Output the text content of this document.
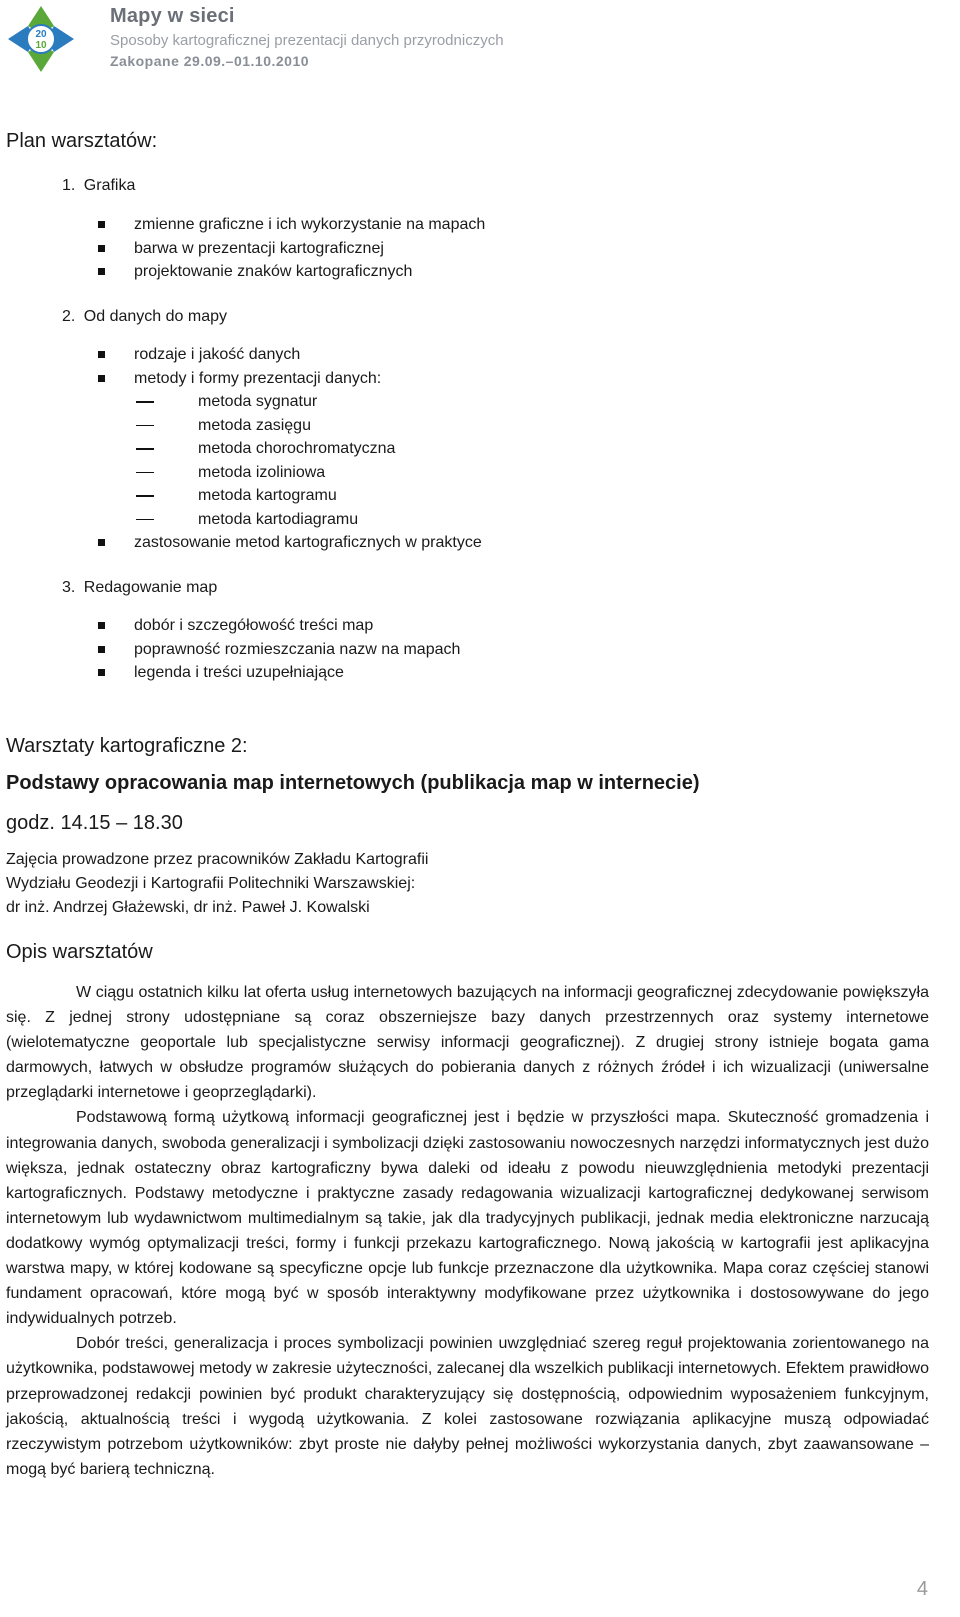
20
10
Mapy w sieci
Sposoby kartograficznej prezentacji danych przyrodniczych
Zakopane 29.09.–01.10.2010
Plan warsztatów:
1. Grafika
zmienne graficzne i ich wykorzystanie na mapach
barwa w prezentacji kartograficznej
projektowanie znaków kartograficznych
2. Od danych do mapy
rodzaje i jakość danych
metody i formy prezentacji danych:
metoda sygnatur
metoda zasięgu
metoda chorochromatyczna
metoda izoliniowa
metoda kartogramu
metoda kartodiagramu
zastosowanie metod kartograficznych w praktyce
3. Redagowanie map
dobór i szczegółowość treści map
poprawność rozmieszczania nazw na mapach
legenda i treści uzupełniające
Warsztaty kartograficzne 2:
Podstawy opracowania map internetowych (publikacja map w internecie)
godz. 14.15 – 18.30
Zajęcia prowadzone przez pracowników Zakładu Kartografii
Wydziału Geodezji i Kartografii Politechniki Warszawskiej:
dr inż. Andrzej Głażewski, dr inż. Paweł J. Kowalski
Opis warsztatów

W ciągu ostatnich kilku lat oferta usług internetowych bazujących na informacji geograficznej zdecydowanie powiększyła się. Z jednej strony udostępniane są coraz obszerniejsze bazy danych przestrzennych oraz systemy internetowe (wielotematyczne geoportale lub specjalistyczne serwisy informacji geograficznej). Z drugiej strony istnieje bogata gama darmowych, łatwych w obsłudze programów służących do pobierania danych z różnych źródeł i ich wizualizacji (uniwersalne przeglądarki internetowe i geoprzeglądarki).

Podstawową formą użytkową informacji geograficznej jest i będzie w przyszłości mapa. Skuteczność gromadzenia i integrowania danych, swoboda generalizacji i symbolizacji dzięki zastosowaniu nowoczesnych narzędzi informatycznych jest dużo większa, jednak ostateczny obraz kartograficzny bywa daleki od ideału z powodu nieuwzględnienia metodyki prezentacji kartograficznych. Podstawy metodyczne i praktyczne zasady redagowania wizualizacji kartograficznej dedykowanej serwisom internetowym lub wydawnictwom multimedialnym są takie, jak dla tradycyjnych publikacji, jednak media elektroniczne narzucają dodatkowy wymóg optymalizacji treści, formy i funkcji przekazu kartograficznego. Nową jakością w kartografii jest aplikacyjna warstwa mapy, w której kodowane są specyficzne opcje lub funkcje przeznaczone dla użytkownika. Mapa coraz częściej stanowi fundament opracowań, które mogą być w sposób interaktywny modyfikowane przez użytkownika i dostosowywane do jego indywidualnych potrzeb.

Dobór treści, generalizacja i proces symbolizacji powinien uwzględniać szereg reguł projektowania zorientowanego na użytkownika, podstawowej metody w zakresie użyteczności, zalecanej dla wszelkich publikacji internetowych. Efektem prawidłowo przeprowadzonej redakcji powinien być produkt charakteryzujący się dostępnością, odpowiednim wyposażeniem funkcyjnym, jakością, aktualnością treści i wygodą użytkowania. Z kolei zastosowane rozwiązania aplikacyjne muszą odpowiadać rzeczywistym potrzebom użytkowników: zbyt proste nie dałyby pełnej możliwości wykorzystania danych, zbyt zaawansowane – mogą być barierą techniczną.

4
